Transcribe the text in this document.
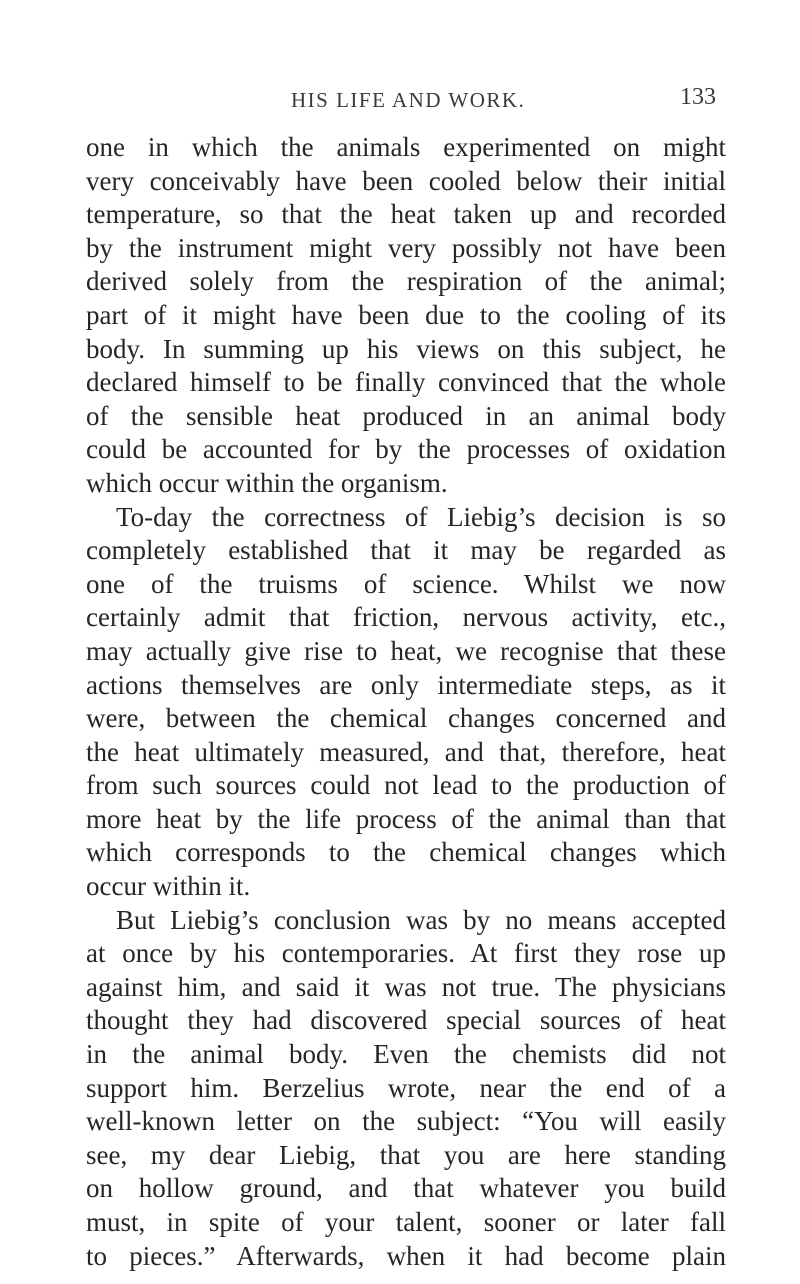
HIS LIFE AND WORK.	133
one in which the animals experimented on might
very conceivably have been cooled below their initial
temperature, so that the heat taken up and recorded
by the instrument might very possibly not have been
derived solely from the respiration of the animal;
part of it might have been due to the cooling of its
body. In summing up his views on this subject, he
declared himself to be finally convinced that the whole
of the sensible heat produced in an animal body
could be accounted for by the processes of oxidation
which occur within the organism.
To-day the correctness of Liebig’s decision is so
completely established that it may be regarded as
one of the truisms of science. Whilst we now
certainly admit that friction, nervous activity, etc.,
may actually give rise to heat, we recognise that these
actions themselves are only intermediate steps, as it
were, between the chemical changes concerned and
the heat ultimately measured, and that, therefore, heat
from such sources could not lead to the production of
more heat by the life process of the animal than that
which corresponds to the chemical changes which
occur within it.
But Liebig’s conclusion was by no means accepted
at once by his contemporaries. At first they rose up
against him, and said it was not true. The physicians
thought they had discovered special sources of heat
in the animal body. Even the chemists did not
support him. Berzelius wrote, near the end of a
well-known letter on the subject: “You will easily
see, my dear Liebig, that you are here standing
on hollow ground, and that whatever you build
must, in spite of your talent, sooner or later fall
to pieces.” Afterwards, when it had become plain
